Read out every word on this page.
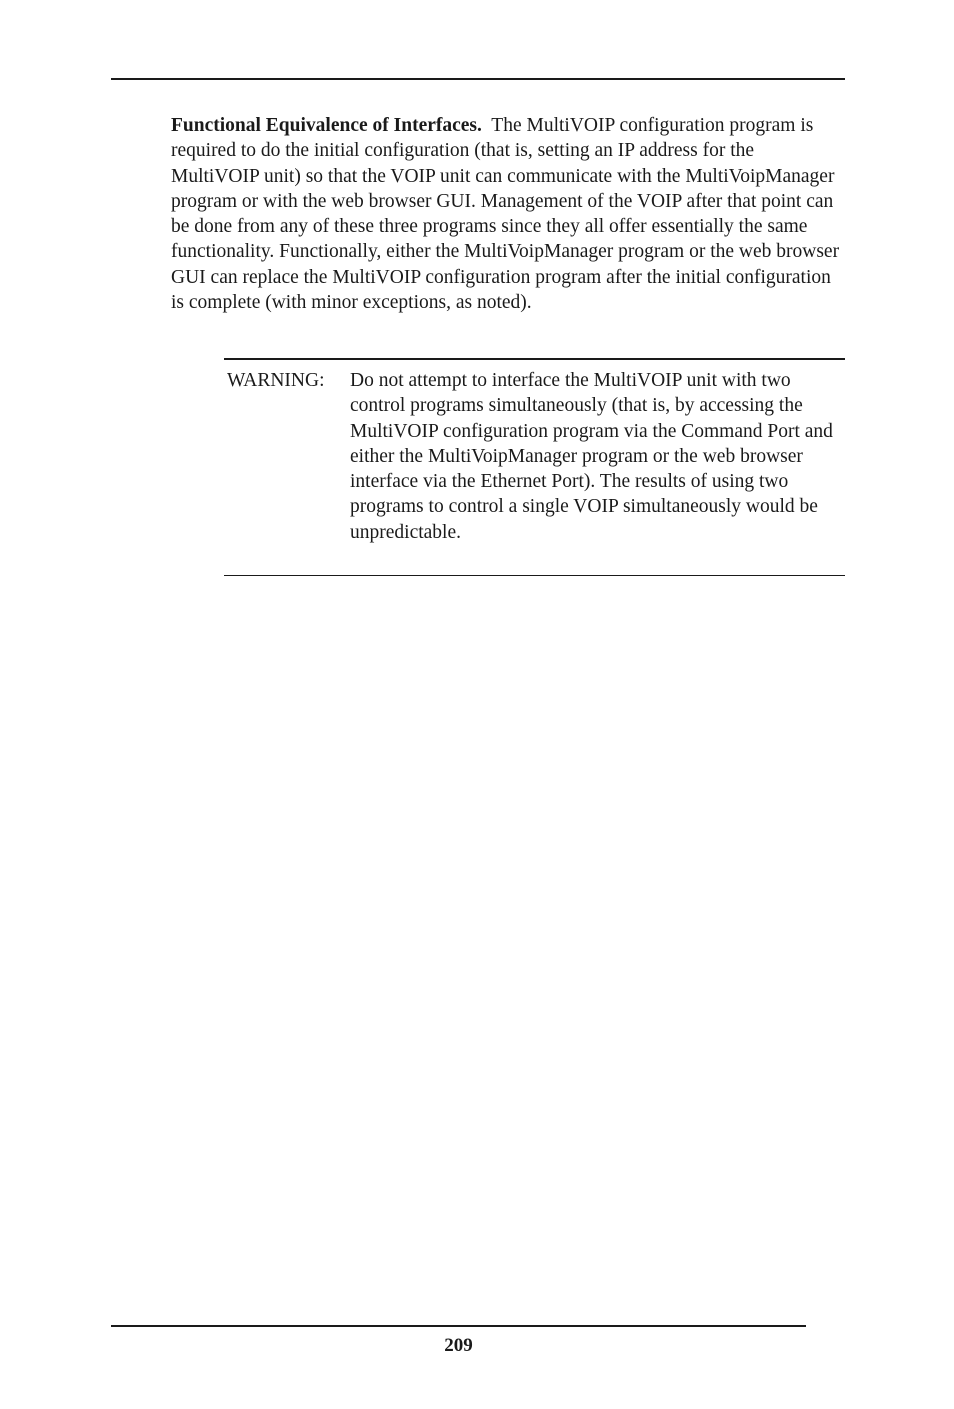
Functional Equivalence of Interfaces.  The MultiVOIP configuration program is required to do the initial configuration (that is, setting an IP address for the MultiVOIP unit) so that the VOIP unit can communicate with the MultiVoipManager program or with the web browser GUI. Management of the VOIP after that point can be done from any of these three programs since they all offer essentially the same functionality. Functionally, either the MultiVoipManager program or the web browser GUI can replace the MultiVOIP configuration program after the initial configuration is complete (with minor exceptions, as noted).

WARNING:	Do not attempt to interface the MultiVOIP unit with two control programs simultaneously (that is, by accessing the MultiVOIP configuration program via the Command Port and either the MultiVoipManager program or the web browser interface via the Ethernet Port). The results of using two programs to control a single VOIP simultaneously would be unpredictable.
209
